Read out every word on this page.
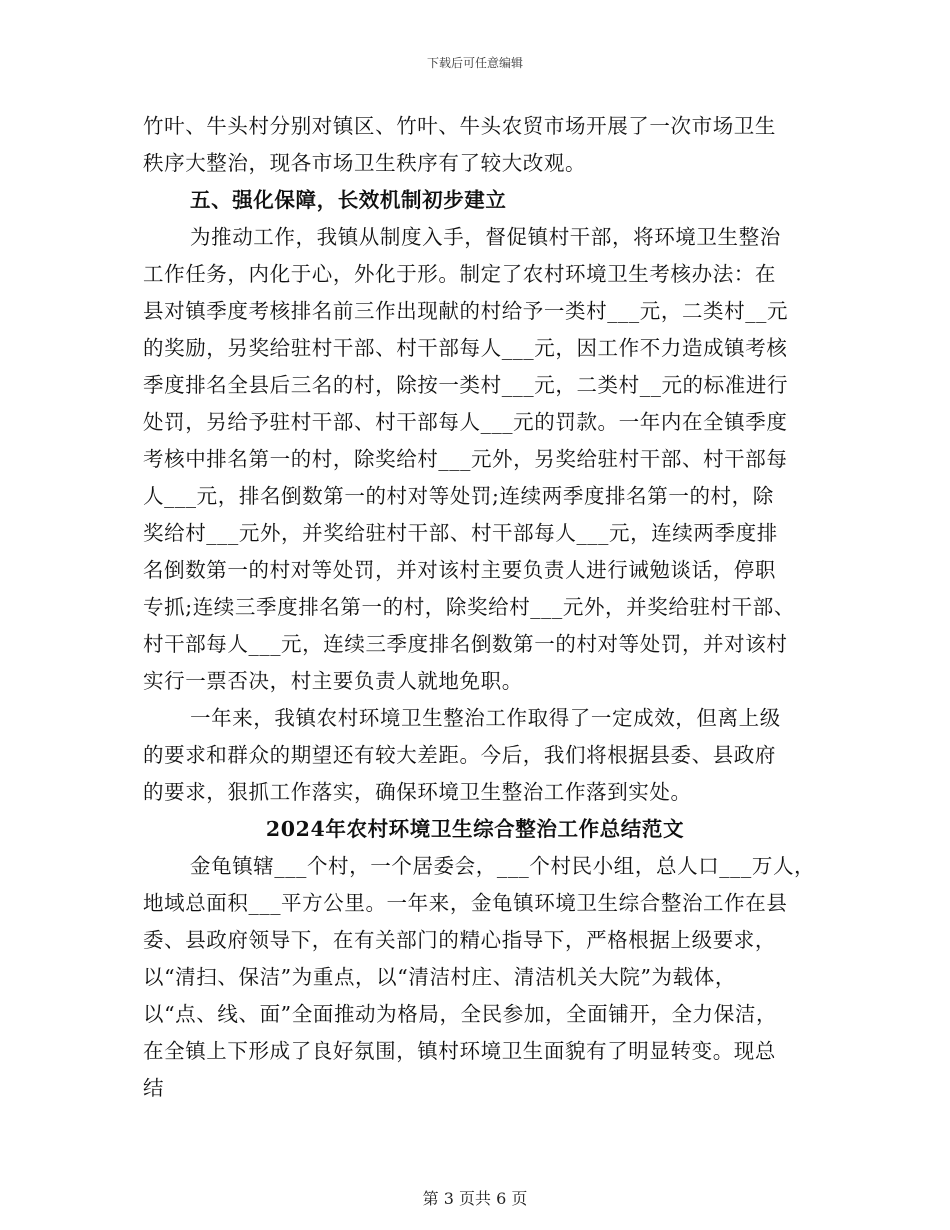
下载后可任意编辑
竹叶、牛头村分别对镇区、竹叶、牛头农贸市场开展了一次市场卫生
秩序大整治，现各市场卫生秩序有了较大改观。
五、强化保障，长效机制初步建立
为推动工作，我镇从制度入手，督促镇村干部，将环境卫生整治
工作任务，内化于心，外化于形。制定了农村环境卫生考核办法：在
县对镇季度考核排名前三作出现献的村给予一类村___元，二类村__元
的奖励，另奖给驻村干部、村干部每人___元，因工作不力造成镇考核
季度排名全县后三名的村，除按一类村___元，二类村__元的标准进行
处罚，另给予驻村干部、村干部每人___元的罚款。一年内在全镇季度
考核中排名第一的村，除奖给村___元外，另奖给驻村干部、村干部每
人___元，排名倒数第一的村对等处罚;连续两季度排名第一的村，除
奖给村___元外，并奖给驻村干部、村干部每人___元，连续两季度排
名倒数第一的村对等处罚，并对该村主要负责人进行诫勉谈话，停职
专抓;连续三季度排名第一的村，除奖给村___元外，并奖给驻村干部、
村干部每人___元，连续三季度排名倒数第一的村对等处罚，并对该村
实行一票否决，村主要负责人就地免职。
一年来，我镇农村环境卫生整治工作取得了一定成效，但离上级
的要求和群众的期望还有较大差距。今后，我们将根据县委、县政府
的要求，狠抓工作落实，确保环境卫生整治工作落到实处。
2024年农村环境卫生综合整治工作总结范文
金龟镇辖___个村，一个居委会，___个村民小组，总人口___万人，
地域总面积___平方公里。一年来，金龟镇环境卫生综合整治工作在县
委、县政府领导下，在有关部门的精心指导下，严格根据上级要求，
以“清扫、保洁”为重点，以“清洁村庄、清洁机关大院”为载体，
以“点、线、面”全面推动为格局，全民参加，全面铺开，全力保洁，
在全镇上下形成了良好氛围，镇村环境卫生面貌有了明显转变。现总
结
第 3 页共 6 页
